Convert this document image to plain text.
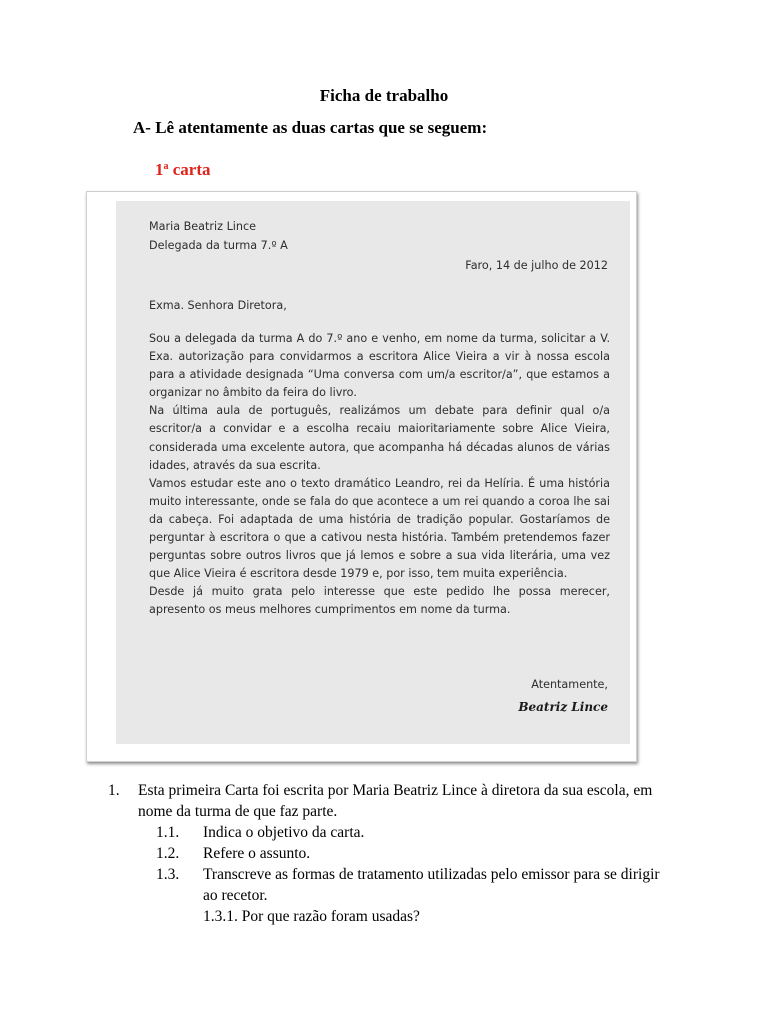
Ficha de trabalho
A- Lê atentamente as duas cartas que se seguem:
1$^a$ carta
Maria Beatriz Lince
Delegada da turma 7.º A
Faro, 14 de julho de 2012
Exma. Senhora Diretora,

Sou a delegada da turma A do 7.º ano e venho, em nome da turma, solicitar a V. Exa. autorização para convidarmos a escritora Alice Vieira a vir à nossa escola para a atividade designada “Uma conversa com um/a escritor/a”, que estamos a organizar no âmbito da feira do livro.

Na última aula de português, realizámos um debate para definir qual o/a escritor/a a convidar e a escolha recaiu maioritariamente sobre Alice Vieira, considerada uma excelente autora, que acompanha há décadas alunos de várias idades, através da sua escrita.

Vamos estudar este ano o texto dramático Leandro, rei da Helíria. É uma história muito interessante, onde se fala do que acontece a um rei quando a coroa lhe sai da cabeça. Foi adaptada de uma história de tradição popular. Gostaríamos de perguntar à escritora o que a cativou nesta história. Também pretendemos fazer perguntas sobre outros livros que já lemos e sobre a sua vida literária, uma vez que Alice Vieira é escritora desde 1979 e, por isso, tem muita experiência.

Desde já muito grata pelo interesse que este pedido lhe possa merecer, apresento os meus melhores cumprimentos em nome da turma.

Atentamente,
Beatriz Lince
1. Esta primeira Carta foi escrita por Maria Beatriz Lince à diretora da sua escola, em nome da turma de que faz parte.
1.1. Indica o objetivo da carta.
1.2. Refere o assunto.
1.3. Transcreve as formas de tratamento utilizadas pelo emissor para se dirigir ao recetor.
1.3.1. Por que razão foram usadas?
